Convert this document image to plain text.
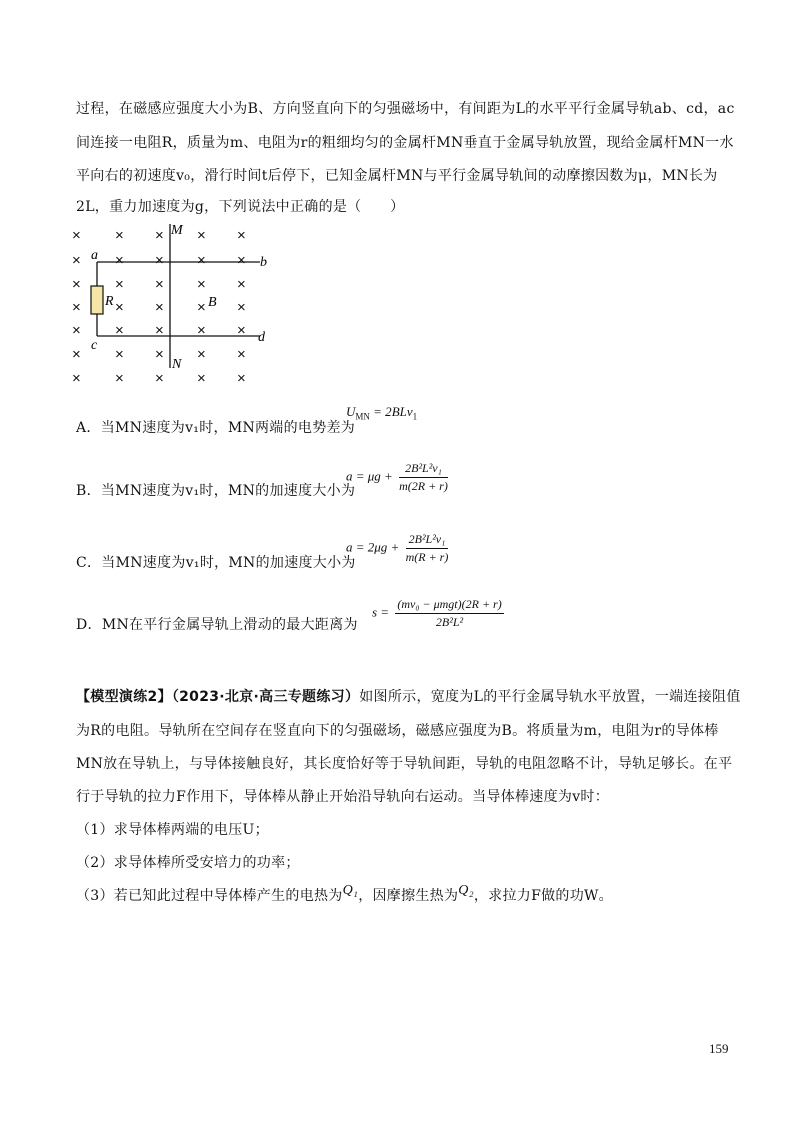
过程，在磁感应强度大小为B、方向竖直向下的匀强磁场中，有间距为L的水平平行金属导轨ab、cd，ac
间连接一电阻R，质量为m、电阻为r的粗细均匀的金属杆MN垂直于金属导轨放置，现给金属杆MN一水
平向右的初速度v₀，滑行时间t后停下，已知金属杆MN与平行金属导轨间的动摩擦因数为μ，MN长为
2L，重力加速度为g，下列说法中正确的是（　　）
× × × × ×
× × × × ×
× × × × ×
× × × ×
× × × × ×
× × × × ×
× × × × ×
×
M
N
a	b
c
d
R	B
A．当MN速度为v₁时，MN两端的电势差为
$U_{MN} = 2BLv_1$
B．当MN速度为v₁时，MN的加速度大小为
$a = \mu g + \frac{\text{2B²L²v₁}}{m(2R + r)}$
C．当MN速度为v₁时，MN的加速度大小为
$a = 2\mu g + \frac{\text{2B²L²v₁}}{m(R + r)}$
D．MN在平行金属导轨上滑动的最大距离为
$s = \frac{\text{(mv₀ − μmgt)(2R + r)}}{\text{2B²L²}}$
【模型演练2】（2023·北京·高三专题练习）如图所示，宽度为L的平行金属导轨水平放置，一端连接阻值
为R的电阻。导轨所在空间存在竖直向下的匀强磁场，磁感应强度为B。将质量为m，电阻为r的导体棒
MN放在导轨上，与导体接触良好，其长度恰好等于导轨间距，导轨的电阻忽略不计，导轨足够长。在平
行于导轨的拉力F作用下，导体棒从静止开始沿导轨向右运动。当导体棒速度为v时：
（1）求导体棒两端的电压U；
（2）求导体棒所受安培力的功率；
（3）若已知此过程中导体棒产生的电热为Q₁，因摩擦生热为Q₂，求拉力F做的功W。
159
